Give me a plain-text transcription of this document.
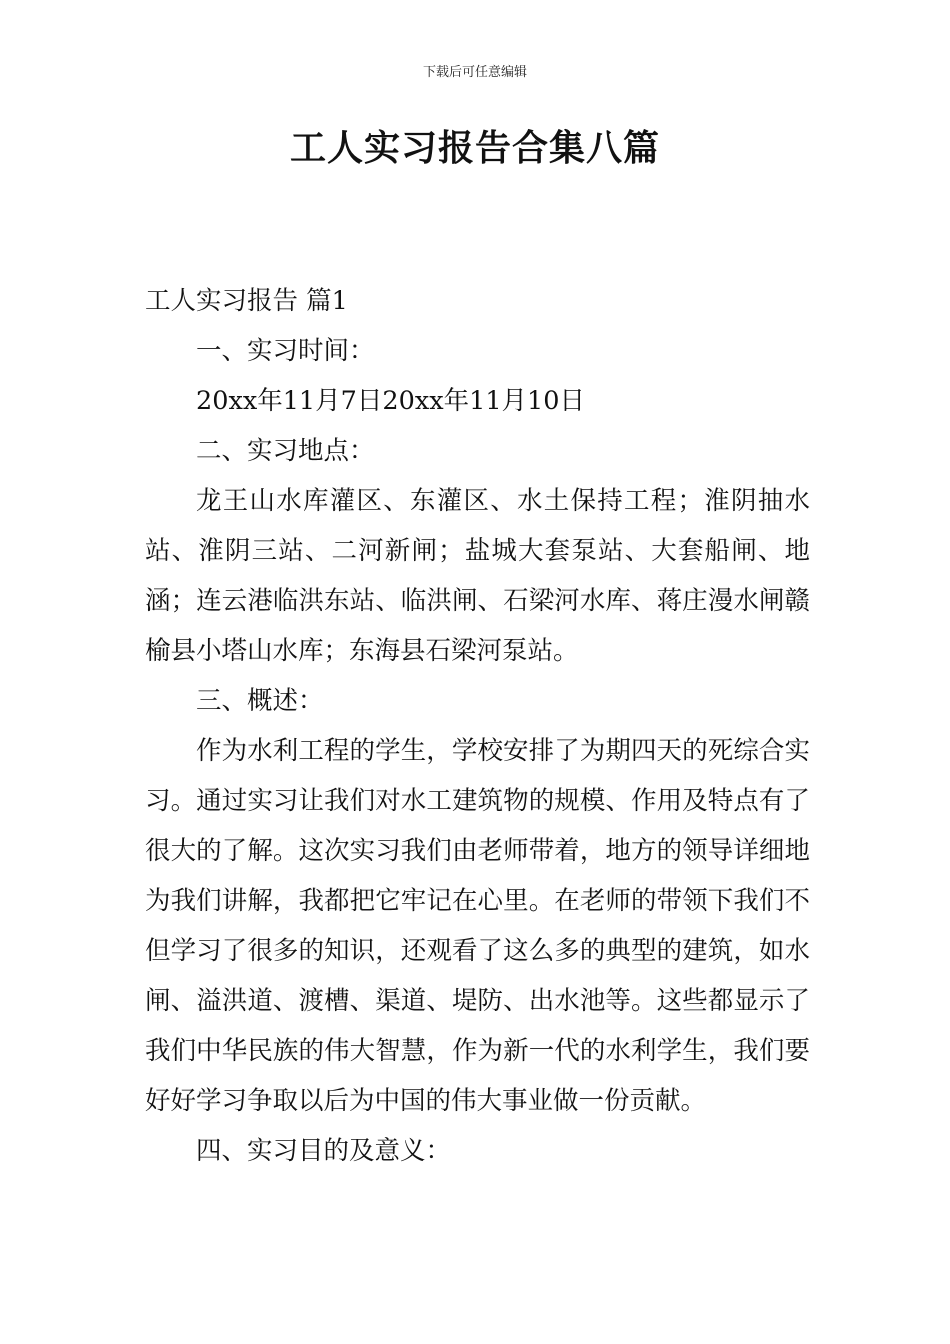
下载后可任意编辑
工人实习报告合集八篇

工人实习报告 篇1

一、实习时间：

20xx年11月7日20xx年11月10日

二、实习地点：

龙王山水库灌区、东灌区、水土保持工程；淮阴抽水站、淮阴三站、二河新闸；盐城大套泵站、大套船闸、地涵；连云港临洪东站、临洪闸、石梁河水库、蒋庄漫水闸赣榆县小塔山水库；东海县石梁河泵站。

三、概述：

作为水利工程的学生，学校安排了为期四天的死综合实习。通过实习让我们对水工建筑物的规模、作用及特点有了很大的了解。这次实习我们由老师带着，地方的领导详细地为我们讲解，我都把它牢记在心里。在老师的带领下我们不但学习了很多的知识，还观看了这么多的典型的建筑，如水闸、溢洪道、渡槽、渠道、堤防、出水池等。这些都显示了我们中华民族的伟大智慧，作为新一代的水利学生，我们要好好学习争取以后为中国的伟大事业做一份贡献。

四、实习目的及意义：
